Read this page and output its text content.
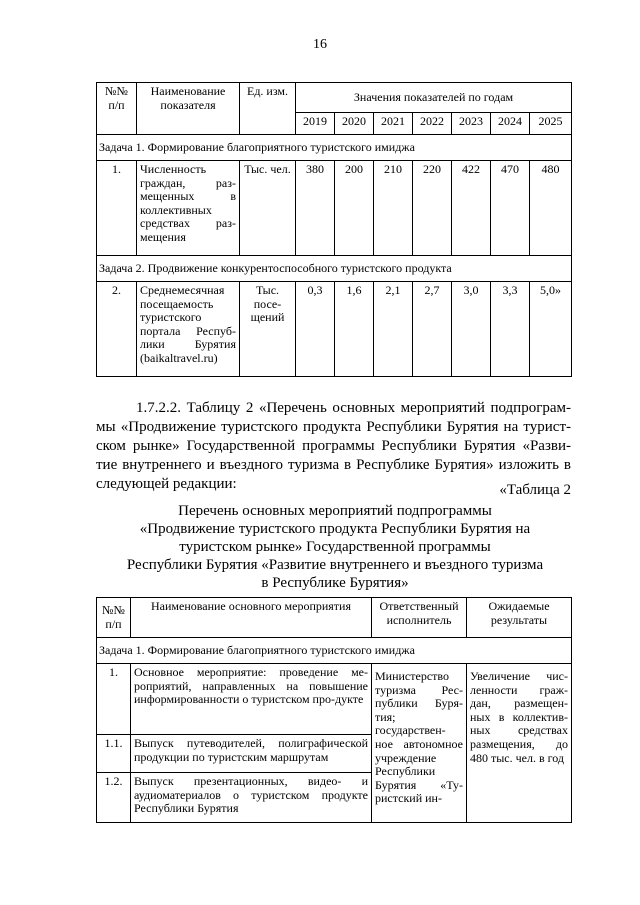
16
№№ п/п	Наименование показателя	Ед. изм.	Значения показателей по годам						
			2019	2020	2021	2022	2023	2024	2025
Задача 1. Формирование благоприятного туристского имиджа									
1.	Численность граждан, раз-мещенных в коллективных средствах раз-мещения	Тыс. чел.	380	200	210	220	422	470	480
Задача 2. Продвижение конкурентоспособного туристского продукта									
2.	Среднемесячная посещаемость туристского портала Респуб-лики Бурятия (baikaltravel.ru)	Тыс. посе-щений	0,3	1,6	2,1	2,7	3,0	3,3	5,0»

1.7.2.2. Таблицу 2 «Перечень основных мероприятий подпрограм-мы «Продвижение туристского продукта Республики Бурятия на турист-ском рынке» Государственной программы Республики Бурятия «Разви-тие внутреннего и въездного туризма в Республике Бурятия» изложить в следующей редакции:	«Таблица 2
Перечень основных мероприятий подпрограммы
«Продвижение туристского продукта Республики Бурятия на
туристском рынке» Государственной программы
Республики Бурятия «Развитие внутреннего и въездного туризма
в Республике Бурятия»
№№ п/п	Наименование основного мероприятия	Ответственный исполнитель	Ожидаемые результаты
Задача 1. Формирование благоприятного туристского имиджа			
1.	Основное мероприятие: проведение ме-роприятий, направленных на повышение информированности о туристском про-дукте	Министерство туризма Рес-публики Буря-тия; государствен-ное автономное учреждение Республики Бурятия «Ту-ристский ин-	Увеличение чис-ленности граж-дан, размещен-ных в коллектив-ных средствах размещения, до 480 тыс. чел. в год
1.1.	Выпуск путеводителей, полиграфической продукции по туристским маршрутам		
1.2.	Выпуск презентационных, видео- и аудиоматериалов о туристском продукте Республики Бурятия		
